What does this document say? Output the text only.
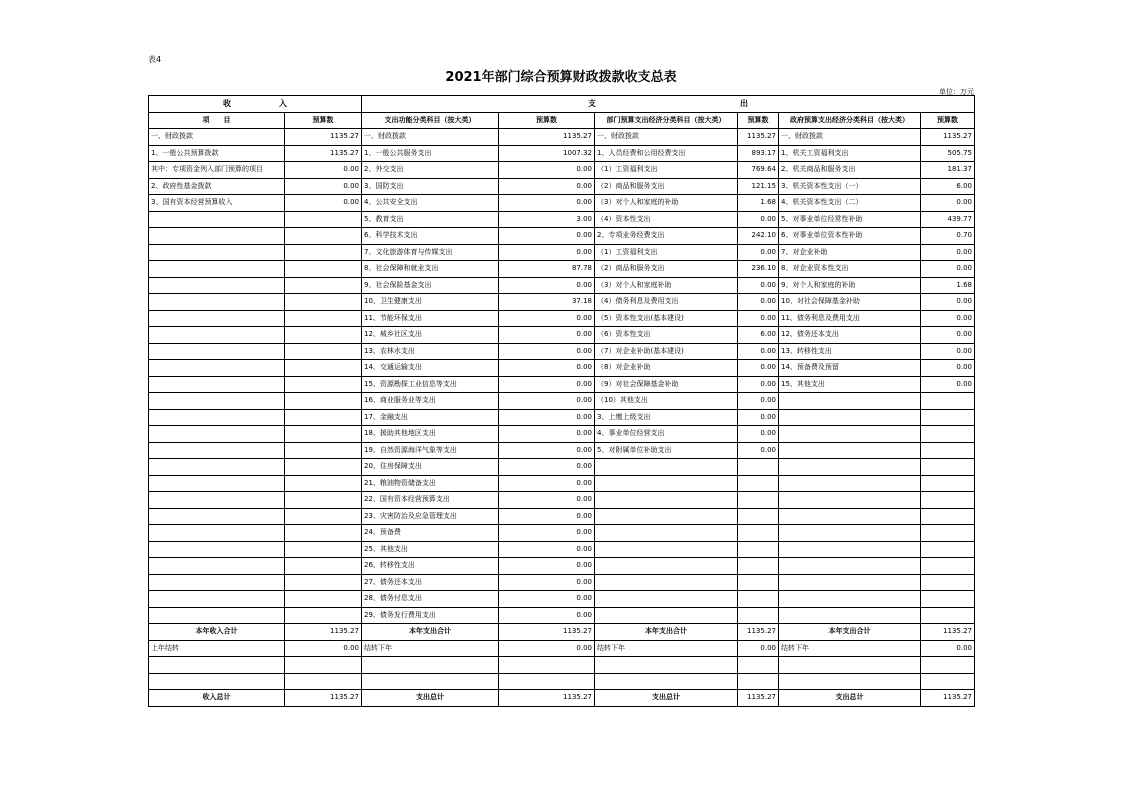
表4
2021年部门综合预算财政拨款收支总表
单位：万元
收　　　　　　入		支　　　　　　　　　　　　　　　　　　出					
项　　目	预算数	支出功能分类科目（按大类）	预算数	部门预算支出经济分类科目（按大类）	预算数	政府预算支出经济分类科目（按大类）	预算数
一、财政拨款	1135.27	一、财政拨款	1135.27	一、财政拨款	1135.27	一、财政拨款	1135.27
1、一般公共预算拨款	1135.27	1、一般公共服务支出	1007.32	1、人员经费和公用经费支出	893.17	1、机关工资福利支出	505.75
其中：专项资金列入部门预算的项目	0.00	2、外交支出	0.00	（1）工资福利支出	769.64	2、机关商品和服务支出	181.37
2、政府性基金拨款	0.00	3、国防支出	0.00	（2）商品和服务支出	121.15	3、机关资本性支出（一）	6.00
3、国有资本经营预算收入	0.00	4、公共安全支出	0.00	（3）对个人和家庭的补助	1.68	4、机关资本性支出（二）	0.00
		5、教育支出	3.00	（4）资本性支出	0.00	5、对事业单位经常性补助	439.77
		6、科学技术支出	0.00	2、专项业务经费支出	242.10	6、对事业单位资本性补助	0.70
		7、文化旅游体育与传媒支出	0.00	（1）工资福利支出	0.00	7、对企业补助	0.00
		8、社会保障和就业支出	87.78	（2）商品和服务支出	236.10	8、对企业资本性支出	0.00
		9、社会保险基金支出	0.00	（3）对个人和家庭补助	0.00	9、对个人和家庭的补助	1.68
		10、卫生健康支出	37.18	（4）债务利息及费用支出	0.00	10、对社会保障基金补助	0.00
		11、节能环保支出	0.00	（5）资本性支出(基本建设)	0.00	11、债务利息及费用支出	0.00
		12、城乡社区支出	0.00	（6）资本性支出	6.00	12、债务还本支出	0.00
		13、农林水支出	0.00	（7）对企业补助(基本建设)	0.00	13、转移性支出	0.00
		14、交通运输支出	0.00	（8）对企业补助	0.00	14、预备费及预留	0.00
		15、资源勘探工业信息等支出	0.00	（9）对社会保障基金补助	0.00	15、其他支出	0.00
		16、商业服务业等支出	0.00	（10）其他支出	0.00		
		17、金融支出	0.00	3、上缴上级支出	0.00		
		18、援助其他地区支出	0.00	4、事业单位经营支出	0.00		
		19、自然资源海洋气象等支出	0.00	5、对附属单位补助支出	0.00		
		20、住房保障支出	0.00				
		21、粮油物资储备支出	0.00				
		22、国有资本经营预算支出	0.00				
		23、灾害防治及应急管理支出	0.00				
		24、预备费	0.00				
		25、其他支出	0.00				
		26、转移性支出	0.00				
		27、债务还本支出	0.00				
		28、债务付息支出	0.00				
		29、债务发行费用支出	0.00				
本年收入合计	1135.27	本年支出合计	1135.27	本年支出合计	1135.27	本年支出合计	1135.27
上年结转	0.00	结转下年	0.00	结转下年	0.00	结转下年	0.00

收入总计	1135.27	支出总计	1135.27	支出总计	1135.27	支出总计	1135.27
